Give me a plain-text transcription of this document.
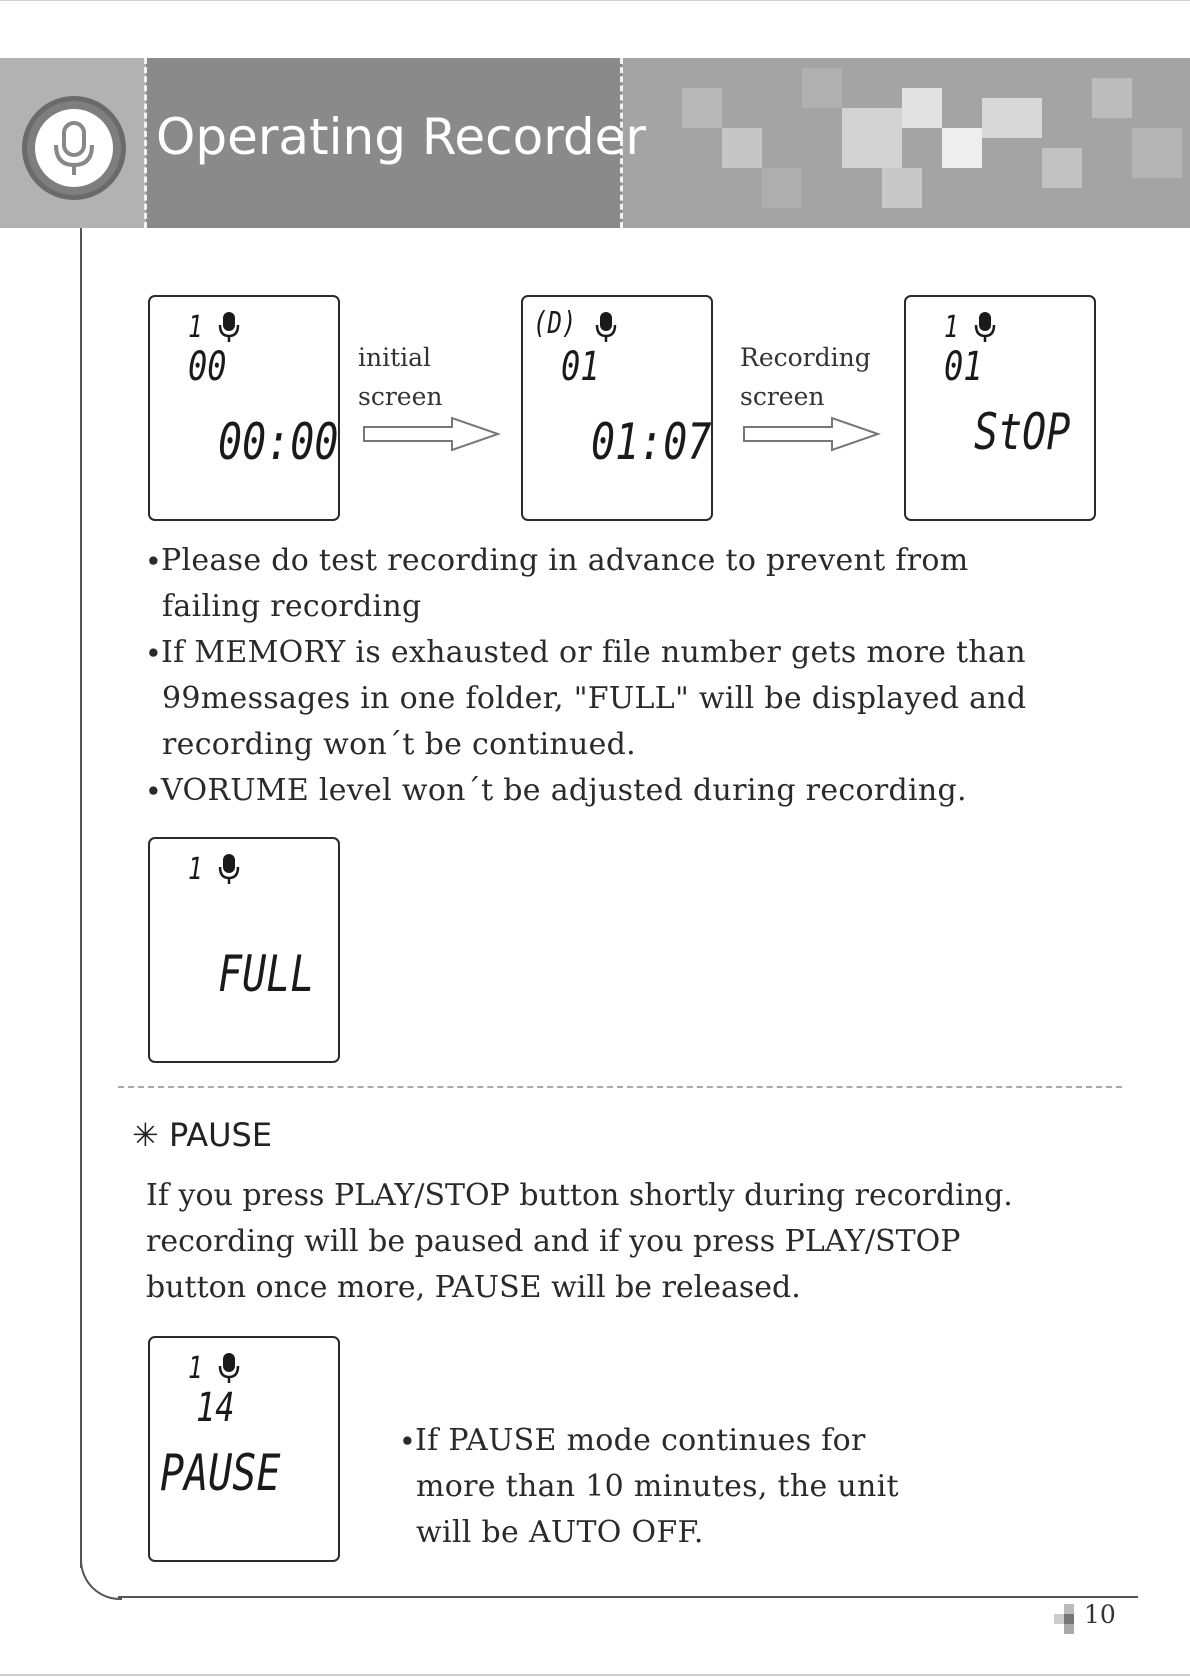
Operating Recorder
1
00
00:00
initial
screen
(D)
01
01:07
Recording
screen
1
01
StOP
∙Please do test recording in advance to prevent from
failing recording
∙If MEMORY is exhausted or file number gets more than
99messages in one folder, "FULL" will be displayed and
recording won´t be continued.
∙VORUME level won´t be adjusted during recording.
1
FULL
✳ PAUSE
If you press PLAY/STOP button shortly during recording.
recording will be paused and if you press PLAY/STOP
button once more, PAUSE will be released.
1
14
PAUSE
∙If PAUSE mode continues for
more than 10 minutes, the unit
will be AUTO OFF.
10
